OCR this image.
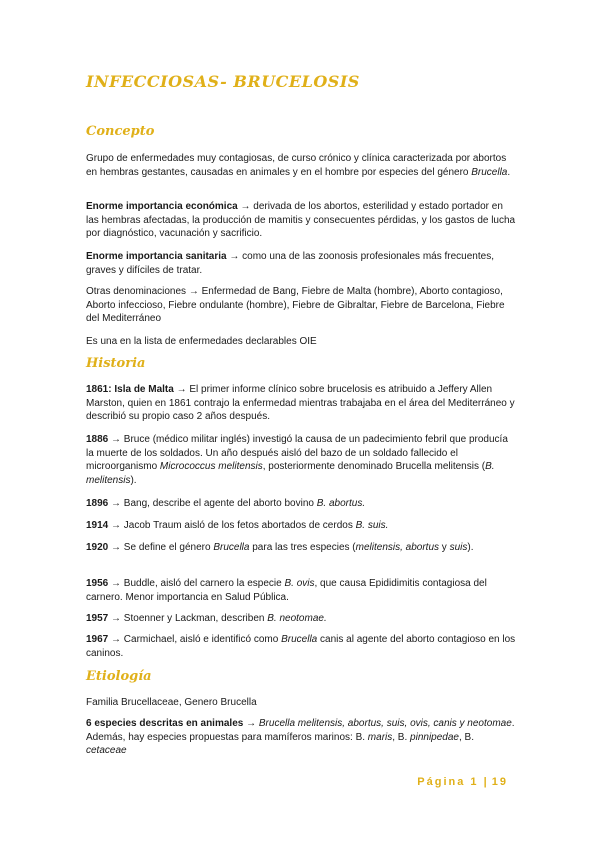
INFECCIOSAS- BRUCELOSIS
Concepto

Grupo de enfermedades muy contagiosas, de curso crónico y clínica caracterizada por abortos en hembras gestantes, causadas en animales y en el hombre por especies del género Brucella.

Enorme importancia económica → derivada de los abortos, esterilidad y estado portador en las hembras afectadas, la producción de mamitis y consecuentes pérdidas, y los gastos de lucha por diagnóstico, vacunación y sacrificio.

Enorme importancia sanitaria → como una de las zoonosis profesionales más frecuentes, graves y difíciles de tratar.

Otras denominaciones → Enfermedad de Bang, Fiebre de Malta (hombre), Aborto contagioso, Aborto infeccioso, Fiebre ondulante (hombre), Fiebre de Gibraltar, Fiebre de Barcelona, Fiebre del Mediterráneo

Es una en la lista de enfermedades declarables OIE

Historia

1861: Isla de Malta → El primer informe clínico sobre brucelosis es atribuido a Jeffery Allen Marston, quien en 1861 contrajo la enfermedad mientras trabajaba en el área del Mediterráneo y describió su propio caso 2 años después.

1886 → Bruce (médico militar inglés) investigó la causa de un padecimiento febril que producía la muerte de los soldados. Un año después aisló del bazo de un soldado fallecido el microorganismo Micrococcus melitensis, posteriormente denominado Brucella melitensis (B. melitensis).

1896 → Bang, describe el agente del aborto bovino B. abortus.

1914 → Jacob Traum aisló de los fetos abortados de cerdos B. suis.

1920 → Se define el género Brucella para las tres especies (melitensis, abortus y suis).

1956 → Buddle, aisló del carnero la especie B. ovis, que causa Epididimitis contagiosa del carnero. Menor importancia en Salud Pública.

1957 → Stoenner y Lackman, describen B. neotomae.

1967 → Carmichael, aisló e identificó como Brucella canis al agente del aborto contagioso en los caninos.

Etiología

Familia Brucellaceae, Genero Brucella

6 especies descritas en animales → Brucella melitensis, abortus, suis, ovis, canis y neotomae. Además, hay especies propuestas para mamíferos marinos: B. maris, B. pinnipedae, B. cetaceae

Página 1 | 19
